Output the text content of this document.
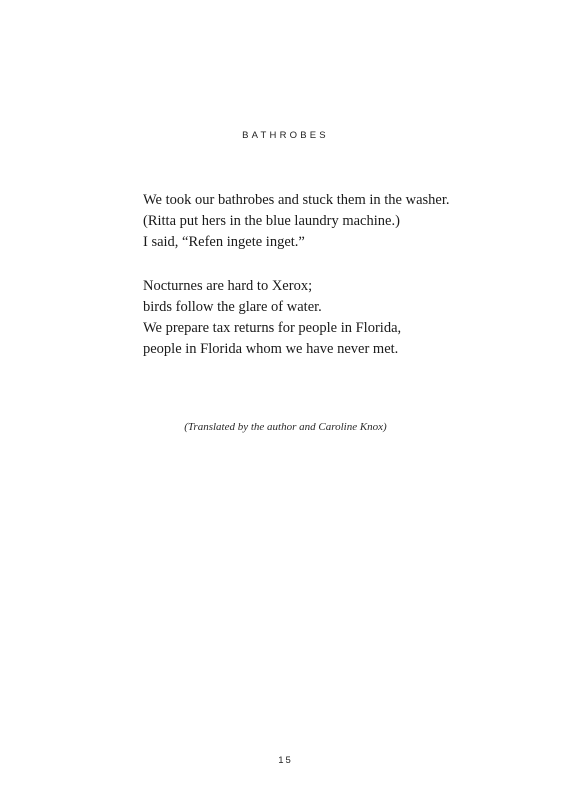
BATHROBES
We took our bathrobes and stuck them in the washer.
(Ritta put hers in the blue laundry machine.)
I said, “Refen ingete inget.”
Nocturnes are hard to Xerox;
birds follow the glare of water.
We prepare tax returns for people in Florida,
people in Florida whom we have never met.
(Translated by the author and Caroline Knox)
15
